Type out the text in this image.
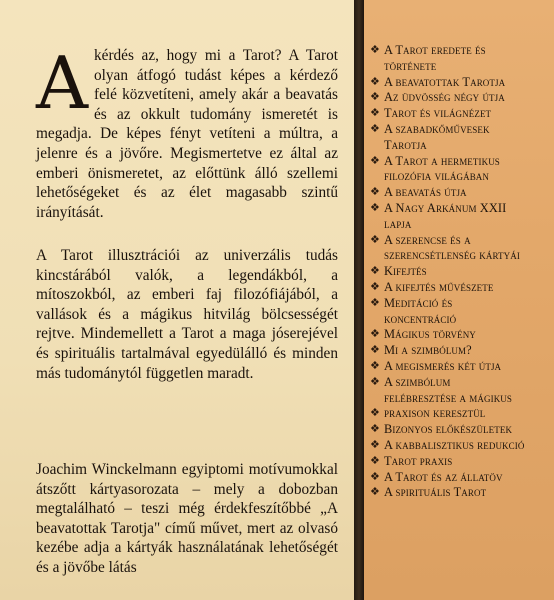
A kérdés az, hogy mi a Tarot? A Tarot olyan átfogó tudást képes a kérdező felé közvetíteni, amely akár a beavatás és az okkult tudomány ismeretét is megadja. De képes fényt vetíteni a múltra, a jelenre és a jövőre. Megismertetve ez által az emberi önismeretet, az előttünk álló szellemi lehetőségeket és az élet magasabb szintű irányítását.

A Tarot illusztrációi az univerzális tudás kincstárából valók, a legendákból, a mítoszokból, az emberi faj filozófiájából, a vallások és a mágikus hitvilág bölcsességét rejtve. Mindemellett a Tarot a maga jóserejével és spirituális tartalmával egyedülálló és minden más tudománytól független maradt.

Joachim Winckelmann egyiptomi motívumokkal átszőtt kártyasorozata – mely a dobozban megtalálható – teszi még érdekfeszítőbbé „A beavatottak Tarotja" című művet, mert az olvasó kezébe adja a kártyák használatának lehetőségét és a jövőbe látás

❖ A Tarot eredete és
története
❖ A beavatottak Tarotja
❖ Az üdvösség négy útja
❖ Tarot és világnézet
❖ A szabadkőművesek
Tarotja
❖ A Tarot a hermetikus
filozófia világában
❖ A beavatás útja
❖ A Nagy Arkánum XXII
lapja
❖ A szerencse és a
szerencsétlenség kártyái
❖ Kifejtés
❖ A kifejtés művészete
❖ Meditáció és
koncentráció
❖ Mágikus törvény
❖ Mi a szimbólum?
❖ A megismerés két útja
❖ A szimbólum
felébresztése a mágikus
❖ praxison keresztül
❖ Bizonyos előkészületek
❖ A kabbalisztikus redukció
❖ Tarot praxis
❖ A Tarot és az állatöv
❖ A spirituális Tarot
